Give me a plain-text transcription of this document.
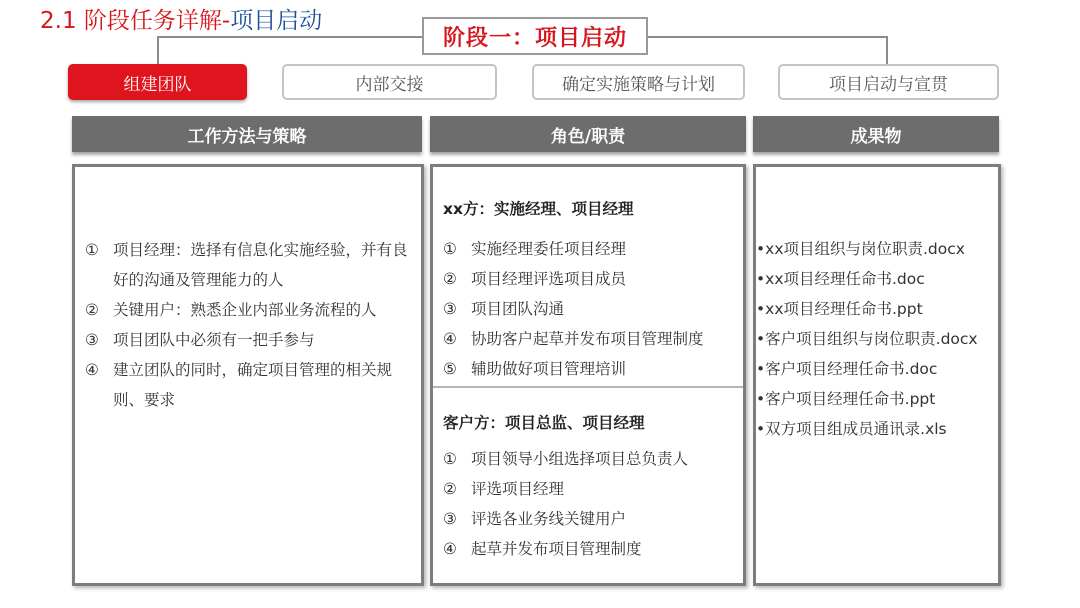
2.1 阶段任务详解-项目启动
阶段一：项目启动
组建团队	内部交接	确定实施策略与计划	项目启动与宣贯
工作方法与策略	角色/职责	成果物
① 项目经理：选择有信息化实施经验，并有良好的沟通及管理能力的人
② 关键用户：熟悉企业内部业务流程的人
③ 项目团队中必须有一把手参与
④ 建立团队的同时，确定项目管理的相关规则、要求
xx方：实施经理、项目经理
① 实施经理委任项目经理
② 项目经理评选项目成员
③ 项目团队沟通
④ 协助客户起草并发布项目管理制度
⑤ 辅助做好项目管理培训
客户方：项目总监、项目经理
① 项目领导小组选择项目总负责人
② 评选项目经理
③ 评选各业务线关键用户
④ 起草并发布项目管理制度
•xx项目组织与岗位职责.docx
•xx项目经理任命书.doc
•xx项目经理任命书.ppt
•客户项目组织与岗位职责.docx
•客户项目经理任命书.doc
•客户项目经理任命书.ppt
•双方项目组成员通讯录.xls
